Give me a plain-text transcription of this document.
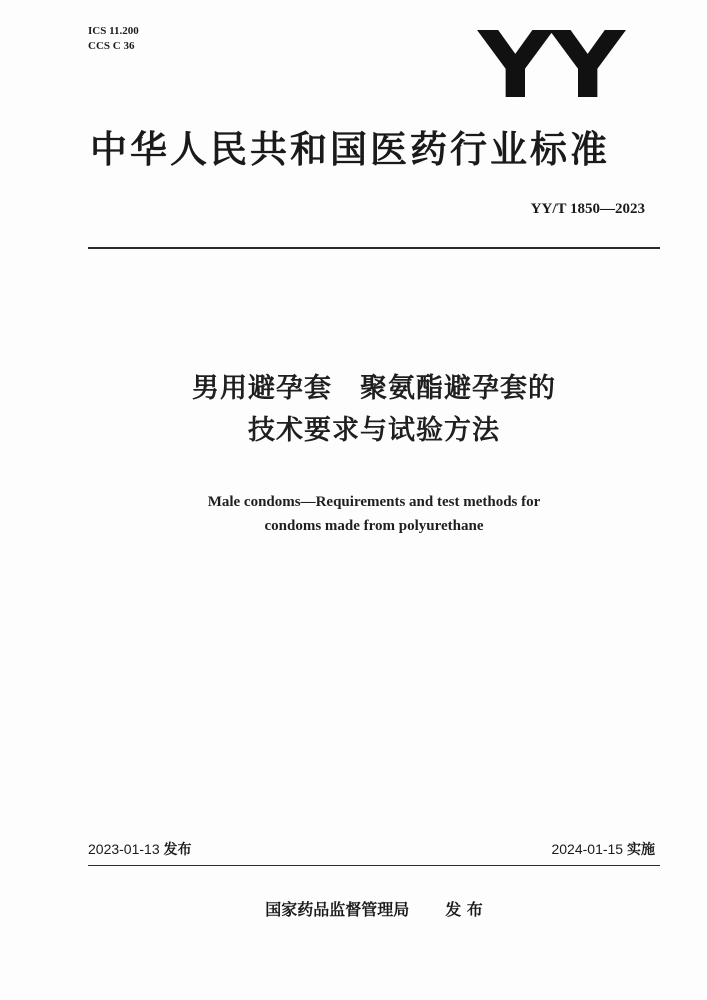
ICS 11.200
CCS C 36	YY
中华人民共和国医药行业标准
YY/T 1850—2023
男用避孕套　聚氨酯避孕套的
技术要求与试验方法
Male condoms—Requirements and test methods for
condoms made from polyurethane
2023-01-13 发布	2024-01-15 实施
国家药品监督管理局 发 布
